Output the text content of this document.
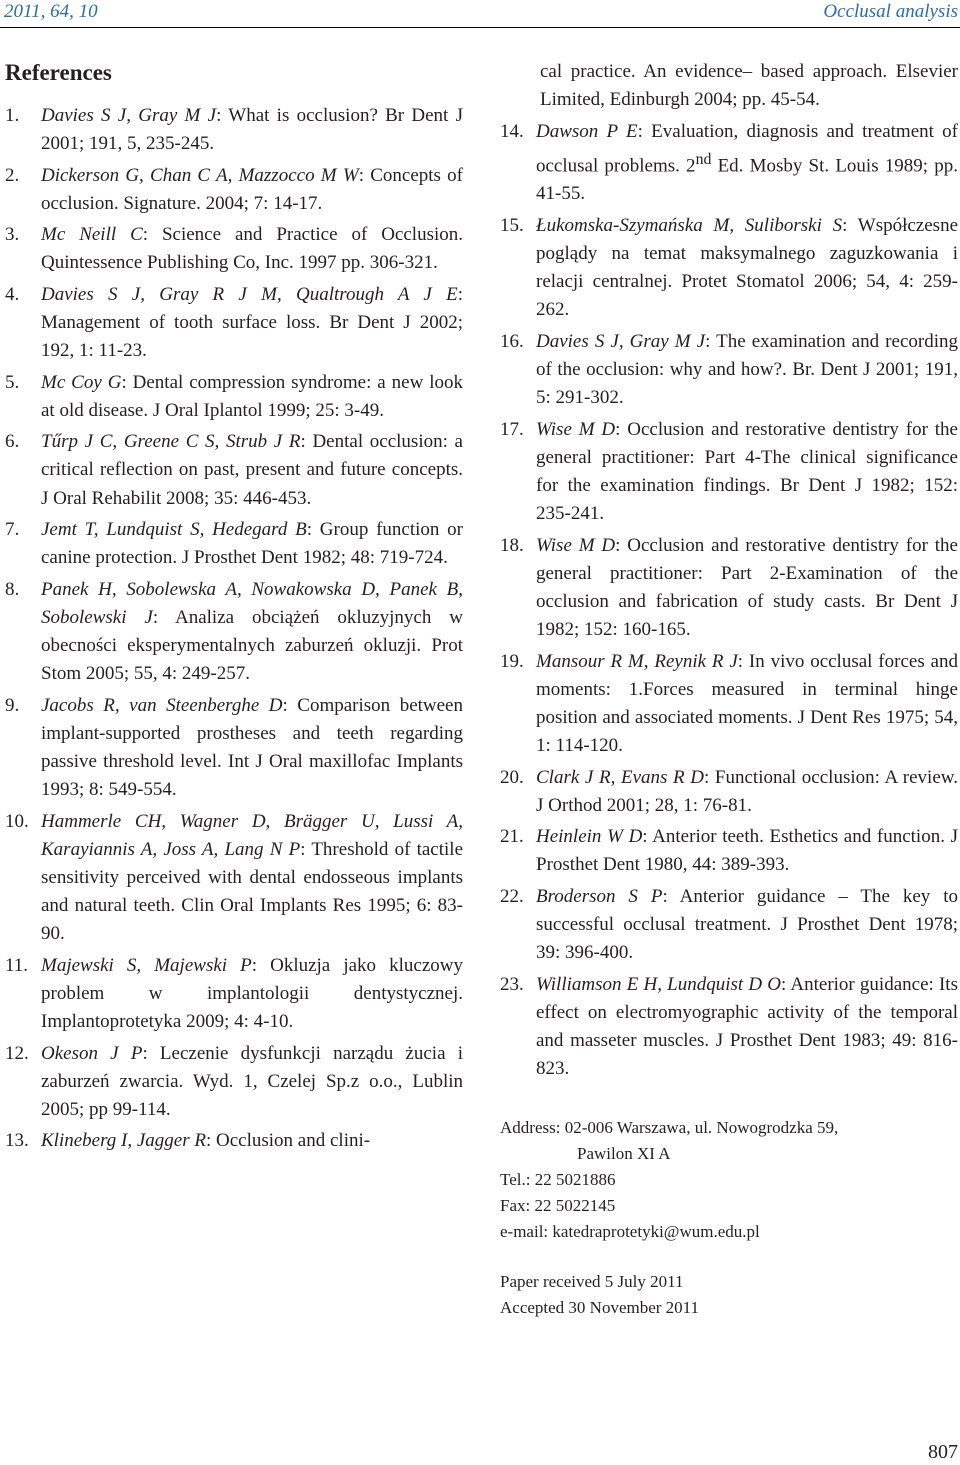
2011, 64, 10	Occlusal analysis
References
1. Davies S J, Gray M J: What is occlusion? Br Dent J 2001; 191, 5, 235-245.
2. Dickerson G, Chan C A, Mazzocco M W: Concepts of occlusion. Signature. 2004; 7: 14-17.
3. Mc Neill C: Science and Practice of Occlusion. Quintessence Publishing Co, Inc. 1997 pp. 306-321.
4. Davies S J, Gray R J M, Qualtrough A J E: Management of tooth surface loss. Br Dent J 2002; 192, 1: 11-23.
5. Mc Coy G: Dental compression syndrome: a new look at old disease. J Oral Iplantol 1999; 25: 3-49.
6. Tűrp J C, Greene C S, Strub J R: Dental occlusion: a critical reflection on past, present and future concepts. J Oral Rehabilit 2008; 35: 446-453.
7. Jemt T, Lundquist S, Hedegard B: Group function or canine protection. J Prosthet Dent 1982; 48: 719-724.
8. Panek H, Sobolewska A, Nowakowska D, Panek B, Sobolewski J: Analiza obciążeń okluzyjnych w obecności eksperymentalnych zaburzeń okluzji. Prot Stom 2005; 55, 4: 249-257.
9. Jacobs R, van Steenberghe D: Comparison between implant-supported prostheses and teeth regarding passive threshold level. Int J Oral maxillofac Implants 1993; 8: 549-554.
10. Hammerle CH, Wagner D, Brägger U, Lussi A, Karayiannis A, Joss A, Lang N P: Threshold of tactile sensitivity perceived with dental endosseous implants and natural teeth. Clin Oral Implants Res 1995; 6: 83-90.
11. Majewski S, Majewski P: Okluzja jako kluczowy problem w implantologii dentystycznej. Implantoprotetyka 2009; 4: 4-10.
12. Okeson J P: Leczenie dysfunkcji narządu żucia i zaburzeń zwarcia. Wyd. 1, Czelej Sp.z o.o., Lublin 2005; pp 99-114.
13. Klineberg I, Jagger R: Occlusion and clini-
cal practice. An evidence– based approach. Elsevier Limited, Edinburgh 2004; pp. 45-54.
14. Dawson P E: Evaluation, diagnosis and treatment of occlusal problems. 2nd Ed. Mosby St. Louis 1989; pp. 41-55.
15. Łukomska-Szymańska M, Suliborski S: Współczesne poglądy na temat maksymalnego zaguzkowania i relacji centralnej. Protet Stomatol 2006; 54, 4: 259-262.
16. Davies S J, Gray M J: The examination and recording of the occlusion: why and how?. Br. Dent J 2001; 191, 5: 291-302.
17. Wise M D: Occlusion and restorative dentistry for the general practitioner: Part 4-The clinical significance for the examination findings. Br Dent J 1982; 152: 235-241.
18. Wise M D: Occlusion and restorative dentistry for the general practitioner: Part 2-Examination of the occlusion and fabrication of study casts. Br Dent J 1982; 152: 160-165.
19. Mansour R M, Reynik R J: In vivo occlusal forces and moments: 1.Forces measured in terminal hinge position and associated moments. J Dent Res 1975; 54, 1: 114-120.
20. Clark J R, Evans R D: Functional occlusion: A review. J Orthod 2001; 28, 1: 76-81.
21. Heinlein W D: Anterior teeth. Esthetics and function. J Prosthet Dent 1980, 44: 389-393.
22. Broderson S P: Anterior guidance – The key to successful occlusal treatment. J Prosthet Dent 1978; 39: 396-400.
23. Williamson E H, Lundquist D O: Anterior guidance: Its effect on electromyographic activity of the temporal and masseter muscles. J Prosthet Dent 1983; 49: 816-823.
Address: 02-006 Warszawa, ul. Nowogrodzka 59,
Pawilon XI A
Tel.: 22 5021886
Fax: 22 5022145
e-mail: katedraprotetyki@wum.edu.pl
Paper received 5 July 2011
Accepted 30 November 2011
807
